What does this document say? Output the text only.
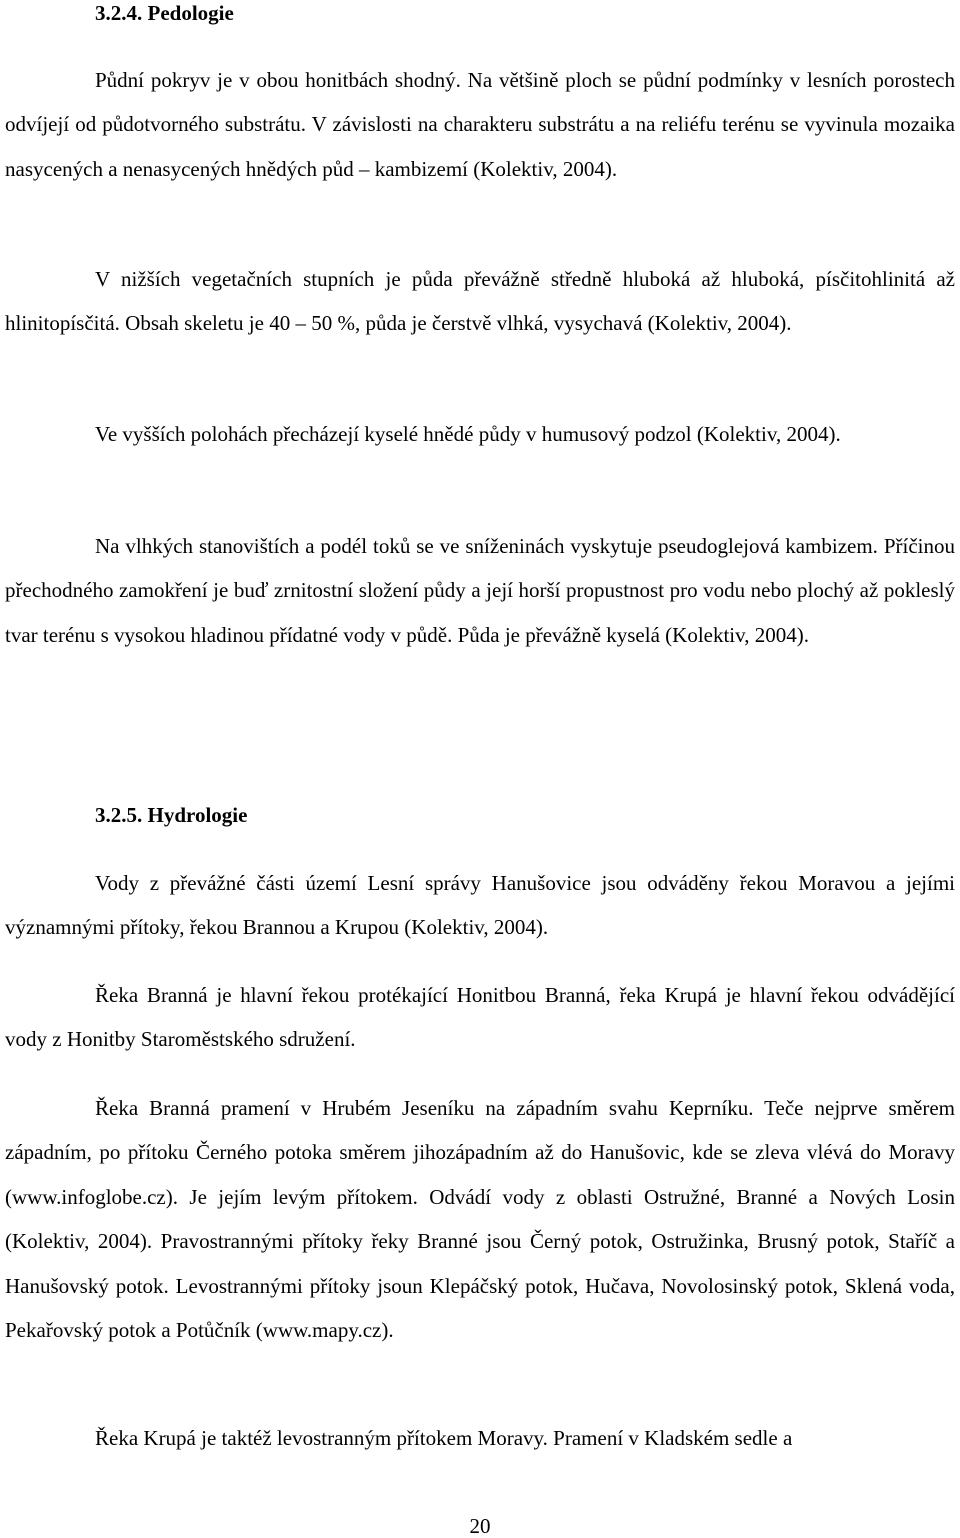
3.2.4. Pedologie

Půdní pokryv je v obou honitbách shodný. Na většině ploch se půdní podmínky v lesních porostech odvíjejí od půdotvorného substrátu. V závislosti na charakteru substrátu a na reliéfu terénu se vyvinula mozaika nasycených a nenasycených hnědých půd – kambizemí (Kolektiv, 2004).

V nižších vegetačních stupních je půda převážně středně hluboká až hluboká, písčitohlinitá až hlinitopísčitá. Obsah skeletu je 40 – 50 %, půda je čerstvě vlhká, vysychavá (Kolektiv, 2004).

Ve vyšších polohách přecházejí kyselé hnědé půdy v humusový podzol (Kolektiv, 2004).

Na vlhkých stanovištích a podél toků se ve sníženinách vyskytuje pseudoglejová kambizem. Příčinou přechodného zamokření je buď zrnitostní složení půdy a její horší propustnost pro vodu nebo plochý až pokleslý tvar terénu s vysokou hladinou přídatné vody v půdě. Půda je převážně kyselá (Kolektiv, 2004).

3.2.5. Hydrologie

Vody z převážné části území Lesní správy Hanušovice jsou odváděny řekou Moravou a jejími významnými přítoky, řekou Brannou a Krupou (Kolektiv, 2004).

Řeka Branná je hlavní řekou protékající Honitbou Branná, řeka Krupá je hlavní řekou odvádějící vody z Honitby Staroměstského sdružení.

Řeka Branná pramení v Hrubém Jeseníku na západním svahu Keprníku. Teče nejprve směrem západním, po přítoku Černého potoka směrem jihozápadním až do Hanušovic, kde se zleva vlévá do Moravy (www.infoglobe.cz). Je jejím levým přítokem. Odvádí vody z oblasti Ostružné, Branné a Nových Losin (Kolektiv, 2004). Pravostrannými přítoky řeky Branné jsou Černý potok, Ostružinka, Brusný potok, Staříč a Hanušovský potok. Levostrannými přítoky jsoun Klepáčský potok, Hučava, Novolosinský potok, Sklená voda, Pekařovský potok a Potůčník (www.mapy.cz).

Řeka Krupá je taktéž levostranným přítokem Moravy. Pramení v Kladském sedle a

20
